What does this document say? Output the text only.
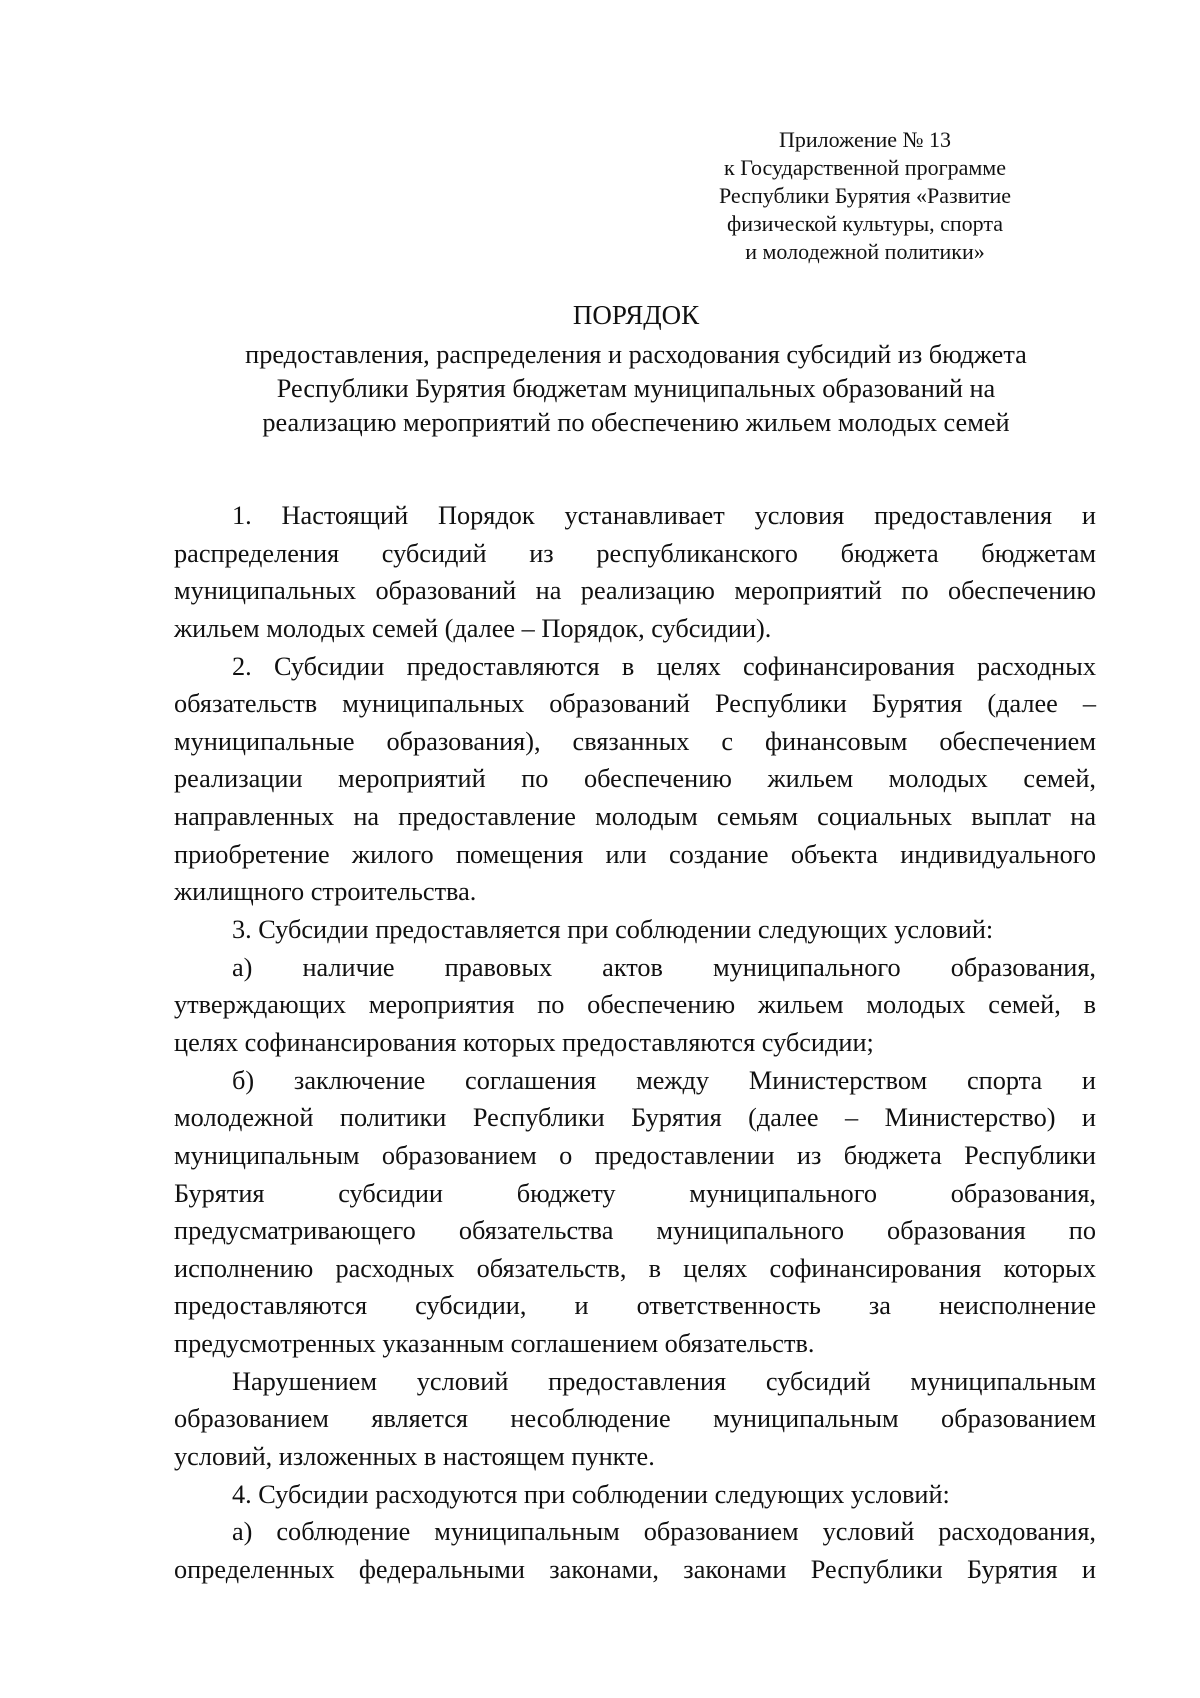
Приложение № 13
к Государственной программе
Республики Бурятия «Развитие
физической культуры, спорта
и молодежной политики»
ПОРЯДОК
предоставления, распределения и расходования субсидий из бюджета
Республики Бурятия бюджетам муниципальных образований на
реализацию мероприятий по обеспечению жильем молодых семей
1. Настоящий Порядок устанавливает условия предоставления и
распределения субсидий из республиканского бюджета бюджетам
муниципальных образований на реализацию мероприятий по обеспечению
жильем молодых семей (далее – Порядок, субсидии).
2. Субсидии предоставляются в целях софинансирования расходных
обязательств муниципальных образований Республики Бурятия (далее –
муниципальные образования), связанных с финансовым обеспечением
реализации мероприятий по обеспечению жильем молодых семей,
направленных на предоставление молодым семьям социальных выплат на
приобретение жилого помещения или создание объекта индивидуального
жилищного строительства.
3. Субсидии предоставляется при соблюдении следующих условий:
а) наличие правовых актов муниципального образования,
утверждающих мероприятия по обеспечению жильем молодых семей, в
целях софинансирования которых предоставляются субсидии;
б) заключение соглашения между Министерством спорта и
молодежной политики Республики Бурятия (далее – Министерство) и
муниципальным образованием о предоставлении из бюджета Республики
Бурятия субсидии бюджету муниципального образования,
предусматривающего обязательства муниципального образования по
исполнению расходных обязательств, в целях софинансирования которых
предоставляются субсидии, и ответственность за неисполнение
предусмотренных указанным соглашением обязательств.
Нарушением условий предоставления субсидий муниципальным
образованием является несоблюдение муниципальным образованием
условий, изложенных в настоящем пункте.
4. Субсидии расходуются при соблюдении следующих условий:
а) соблюдение муниципальным образованием условий расходования,
определенных федеральными законами, законами Республики Бурятия и
